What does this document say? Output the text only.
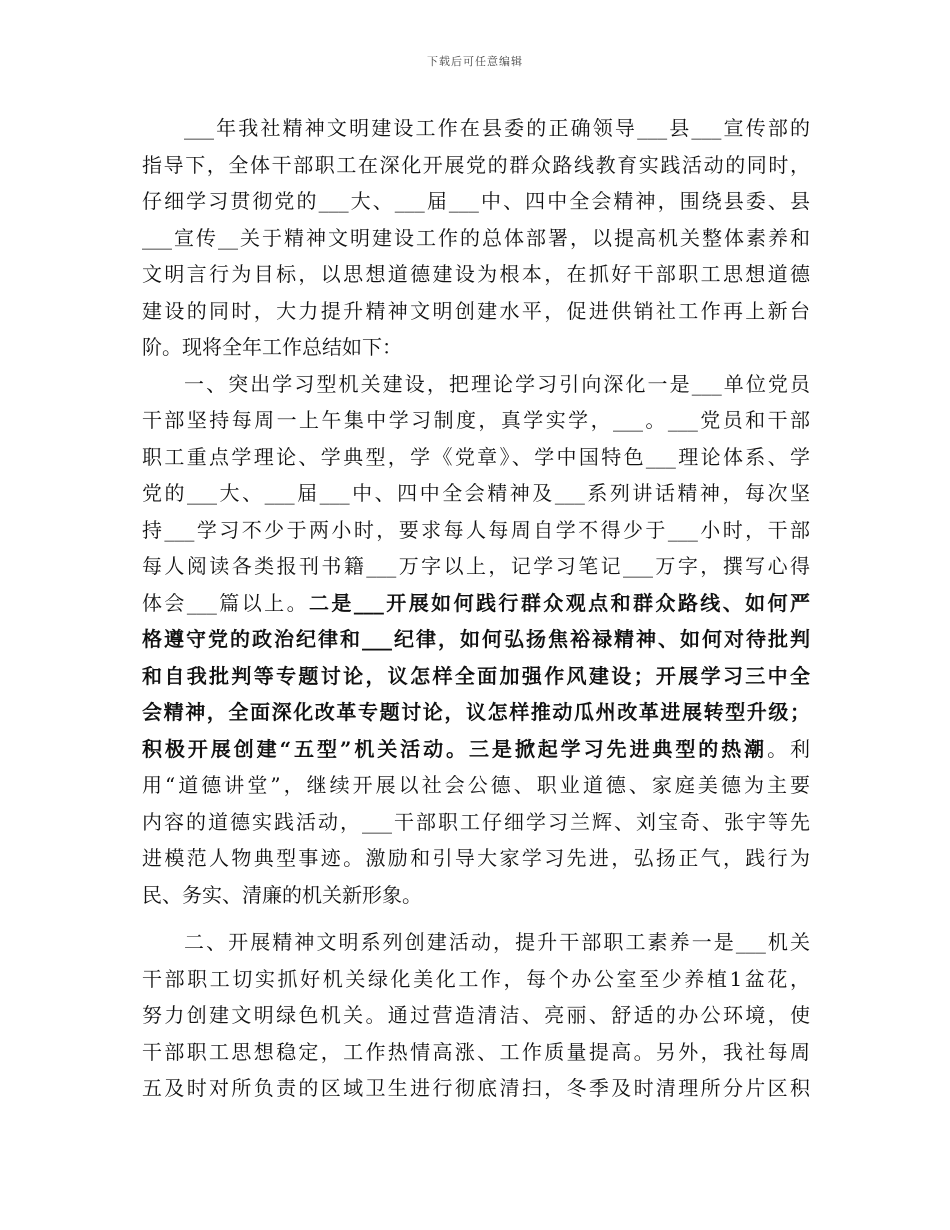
下载后可任意编辑
___年我社精神文明建设工作在县委的正确领导___县___宣传部的
指导下，全体干部职工在深化开展党的群众路线教育实践活动的同时，
仔细学习贯彻党的___大、___届___中、四中全会精神，围绕县委、县
___宣传__关于精神文明建设工作的总体部署，以提高机关整体素养和
文明言行为目标，以思想道德建设为根本，在抓好干部职工思想道德
建设的同时，大力提升精神文明创建水平，促进供销社工作再上新台
阶。现将全年工作总结如下：
一、突出学习型机关建设，把理论学习引向深化一是___单位党员
干部坚持每周一上午集中学习制度，真学实学，___。___党员和干部
职工重点学理论、学典型，学《党章》、学中国特色___理论体系、学
党的___大、___届___中、四中全会精神及___系列讲话精神，每次坚
持___学习不少于两小时，要求每人每周自学不得少于___小时，干部
每人阅读各类报刊书籍___万字以上，记学习笔记___万字，撰写心得
体会___篇以上。二是___开展如何践行群众观点和群众路线、如何严
格遵守党的政治纪律和___纪律，如何弘扬焦裕禄精神、如何对待批判
和自我批判等专题讨论，议怎样全面加强作风建设；开展学习三中全
会精神，全面深化改革专题讨论，议怎样推动瓜州改革进展转型升级；
积极开展创建“五型”机关活动。三是掀起学习先进典型的热潮。利
用“道德讲堂”，继续开展以社会公德、职业道德、家庭美德为主要
内容的道德实践活动，___干部职工仔细学习兰辉、刘宝奇、张宇等先
进模范人物典型事迹。激励和引导大家学习先进，弘扬正气，践行为
民、务实、清廉的机关新形象。
二、开展精神文明系列创建活动，提升干部职工素养一是___机关
干部职工切实抓好机关绿化美化工作，每个办公室至少养植1盆花，
努力创建文明绿色机关。通过营造清洁、亮丽、舒适的办公环境，使
干部职工思想稳定，工作热情高涨、工作质量提高。另外，我社每周
五及时对所负责的区域卫生进行彻底清扫，冬季及时清理所分片区积
